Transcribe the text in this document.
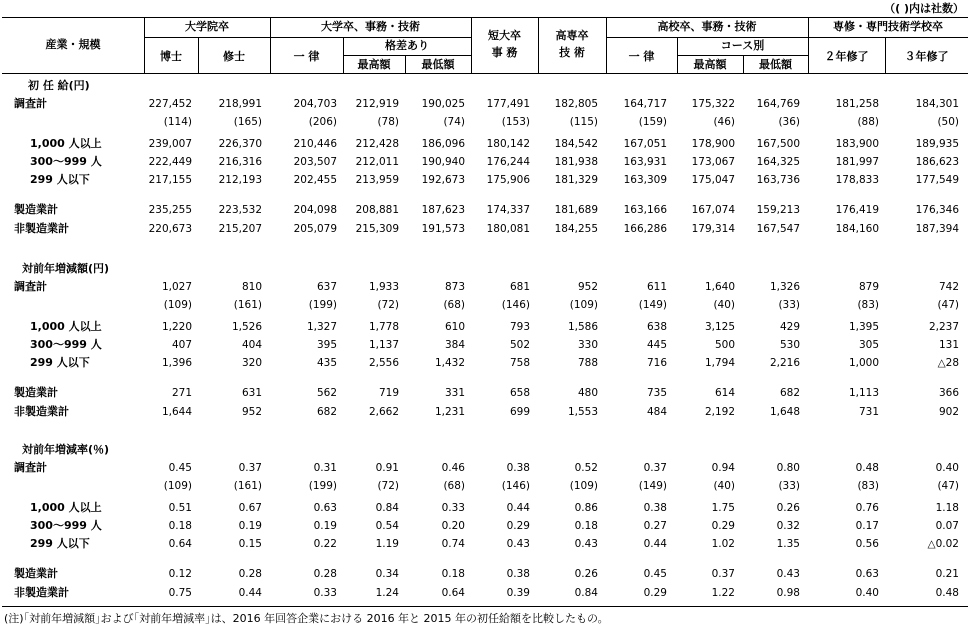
（( )内は社数）
産業・規模
大学院卒	大学卒、事務・技術
短大卒
事 務
高専卒
技 術
高校卒、事務・技術	専修・専門技術学校卒
格差あり	コース別
博士	修士	一 律
最高額	最低額
一 律
最高額	最低額
２年修了	３年修了
初 任 給(円)
調査計	227,452	218,991	204,703	212,919	190,025	177,491	182,805	164,717	175,322	164,769	181,258	184,301
(114)	(165)	(206)	(78)	(74)	(153)	(115)	(159)	(46)	(36)	(88)	(50)
1,000 人以上	239,007	226,370	210,446	212,428	186,096	180,142	184,542	167,051	178,900	167,500	183,900	189,935
300〜999 人	222,449	216,316	203,507	212,011	190,940	176,244	181,938	163,931	173,067	164,325	181,997	186,623
299 人以下	217,155	212,193	202,455	213,959	192,673	175,906	181,329	163,309	175,047	163,736	178,833	177,549
製造業計	235,255	223,532	204,098	208,881	187,623	174,337	181,689	163,166	167,074	159,213	176,419	176,346
非製造業計	220,673	215,207	205,079	215,309	191,573	180,081	184,255	166,286	179,314	167,547	184,160	187,394
対前年増減額(円)
調査計	1,027	810	637	1,933	873	681	952	611	1,640	1,326	879	742
(109)	(161)	(199)	(72)	(68)	(146)	(109)	(149)	(40)	(33)	(83)	(47)
1,000 人以上	1,220	1,526	1,327	1,778	610	793	1,586	638	3,125	429	1,395	2,237
300〜999 人	407	404	395	1,137	384	502	330	445	500	530	305	131
299 人以下	1,396	320	435	2,556	1,432	758	788	716	1,794	2,216	1,000	△28
製造業計	271	631	562	719	331	658	480	735	614	682	1,113	366
非製造業計	1,644	952	682	2,662	1,231	699	1,553	484	2,192	1,648	731	902
対前年増減率(％)
調査計	0.45	0.37	0.31	0.91	0.46	0.38	0.52	0.37	0.94	0.80	0.48	0.40
(109)	(161)	(199)	(72)	(68)	(146)	(109)	(149)	(40)	(33)	(83)	(47)
1,000 人以上	0.51	0.67	0.63	0.84	0.33	0.44	0.86	0.38	1.75	0.26	0.76	1.18
300〜999 人	0.18	0.19	0.19	0.54	0.20	0.29	0.18	0.27	0.29	0.32	0.17	0.07
299 人以下	0.64	0.15	0.22	1.19	0.74	0.43	0.43	0.44	1.02	1.35	0.56	△0.02
製造業計	0.12	0.28	0.28	0.34	0.18	0.38	0.26	0.45	0.37	0.43	0.63	0.21
非製造業計	0.75	0.44	0.33	1.24	0.64	0.39	0.84	0.29	1.22	0.98	0.40	0.48
(注)｢対前年増減額｣および｢対前年増減率｣は、2016 年回答企業における 2016 年と 2015 年の初任給額を比較したもの。
